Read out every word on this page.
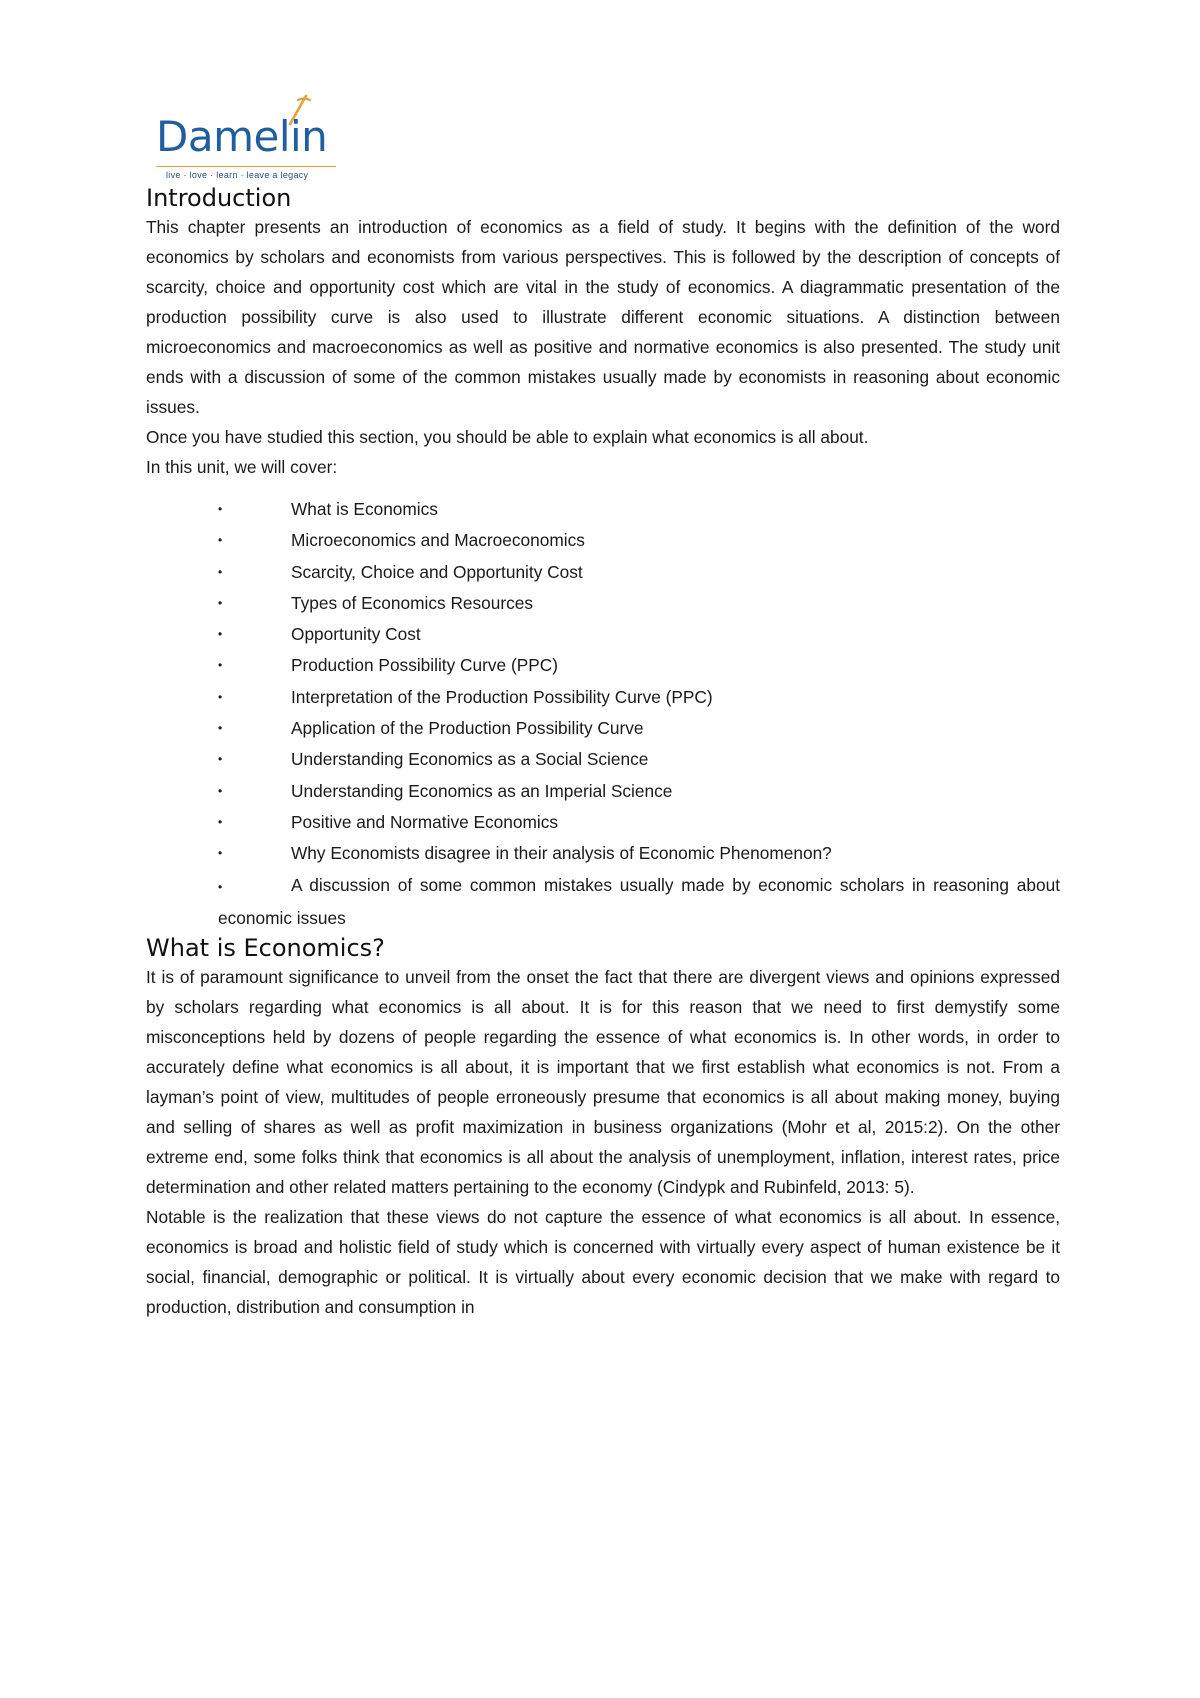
Damelin
live · love · learn · leave a legacy
Introduction

This chapter presents an introduction of economics as a field of study. It begins with the definition of the word economics by scholars and economists from various perspectives. This is followed by the description of concepts of scarcity, choice and opportunity cost which are vital in the study of economics. A diagrammatic presentation of the production possibility curve is also used to illustrate different economic situations. A distinction between microeconomics and macroeconomics as well as positive and normative economics is also presented. The study unit ends with a discussion of some of the common mistakes usually made by economists in reasoning about economic issues.

Once you have studied this section, you should be able to explain what economics is all about.

In this unit, we will cover:

•	What is Economics
•	Microeconomics and Macroeconomics
•	Scarcity, Choice and Opportunity Cost
•	Types of Economics Resources
•	Opportunity Cost
•	Production Possibility Curve (PPC)
•	Interpretation of the Production Possibility Curve (PPC)
•	Application of the Production Possibility Curve
•	Understanding Economics as a Social Science
•	Understanding Economics as an Imperial Science
•	Positive and Normative Economics
•	Why Economists disagree in their analysis of Economic Phenomenon?
•	A discussion of some common mistakes usually made by economic scholars in reasoning about economic issues
What is Economics?

It is of paramount significance to unveil from the onset the fact that there are divergent views and opinions expressed by scholars regarding what economics is all about. It is for this reason that we need to first demystify some misconceptions held by dozens of people regarding the essence of what economics is. In other words, in order to accurately define what economics is all about, it is important that we first establish what economics is not. From a layman’s point of view, multitudes of people erroneously presume that economics is all about making money, buying and selling of shares as well as profit maximization in business organizations (Mohr et al, 2015:2). On the other extreme end, some folks think that economics is all about the analysis of unemployment, inflation, interest rates, price determination and other related matters pertaining to the economy (Cindypk and Rubinfeld, 2013: 5).

Notable is the realization that these views do not capture the essence of what economics is all about. In essence, economics is broad and holistic field of study which is concerned with virtually every aspect of human existence be it social, financial, demographic or political. It is virtually about every economic decision that we make with regard to production, distribution and consumption in
